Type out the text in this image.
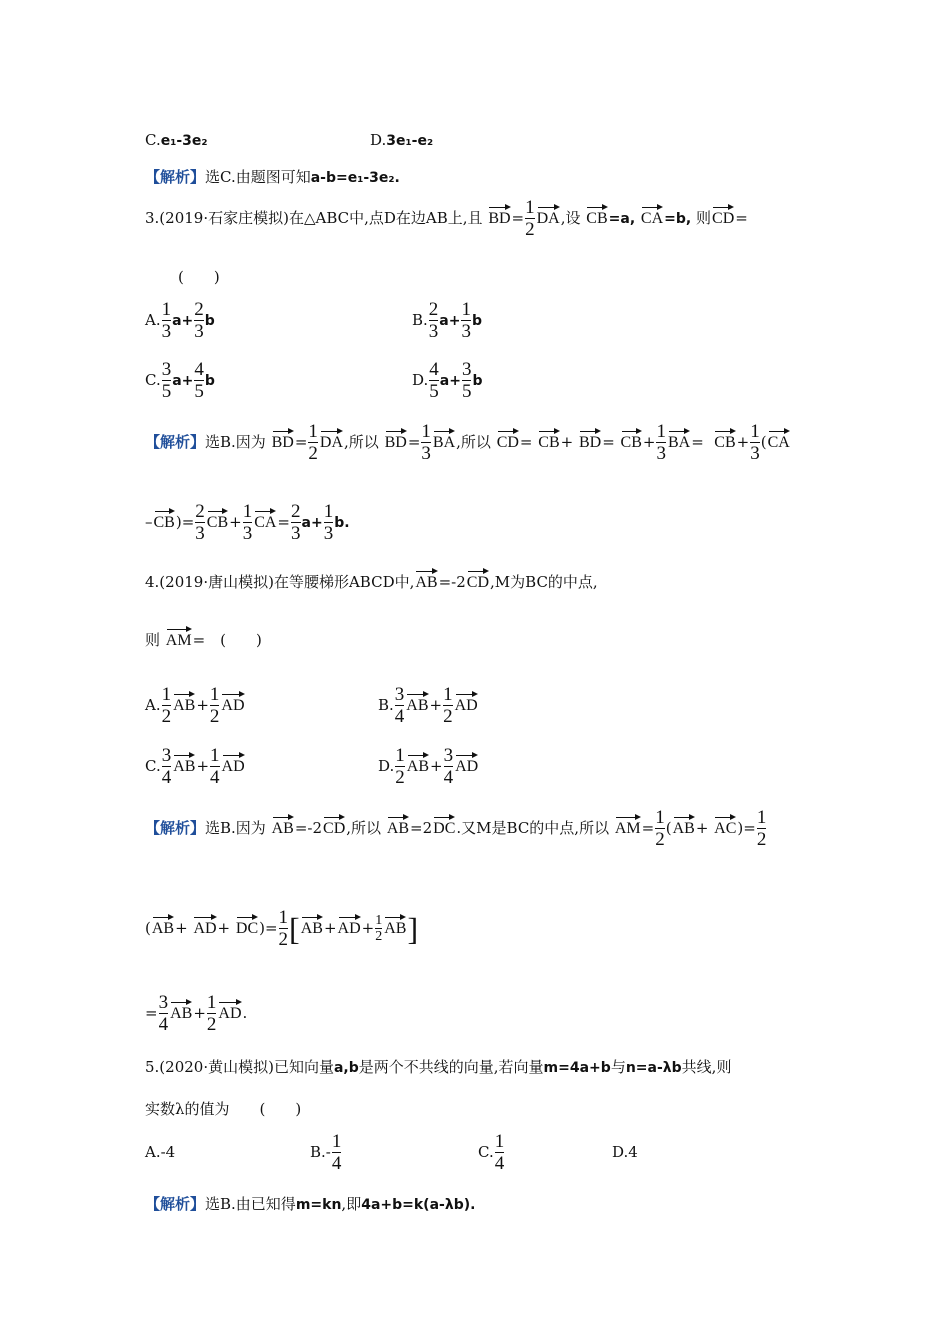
C.e₁-3e₂	D.3e₁-e₂
【解析】选C.由题图可知a-b=e₁-3e₂.
3.(2019·石家庄模拟)在△ABC中,点D在边AB上,且 $BD= \frac{1}{2}$ DA,设 CB=a, CA=b, 则CD=
(　　)
A. $\frac{1}{3} a+ \frac{2}{3}$ b	B. $\frac{2}{3} a+ \frac{1}{3}$ b
C. $\frac{3}{5} a+ \frac{4}{5}$ b	D. $\frac{4}{5} a+ \frac{3}{5}$ b
【解析】选B.因为 $BD= \frac{1}{2}$ DA,所以 $BD= \frac{1}{3}$ BA,所以 $CD= CB+ BD= CB+ \frac{1}{3} BA= CB+ \frac{1}{3} (CA$
$-CB)= \frac{2}{3} CB+ \frac{1}{3} CA= \frac{2}{3} a+ \frac{1}{3} b$.
4.(2019·唐山模拟)在等腰梯形ABCD中,AB=-2CD,M为BC的中点,
则 AM=　(　　)
A. $\frac{1}{2} AB+ \frac{1}{2}$ AD	B. $\frac{3}{4} AB+ \frac{1}{2}$ AD
C. $\frac{3}{4} AB+ \frac{1}{4}$ AD	D. $\frac{1}{2} AB+ \frac{3}{4}$ AD
【解析】选B.因为 AB=-2CD,所以 AB=2DC.又M是BC的中点,所以 $AM= \frac{1}{2} (AB+ AC)= \frac{1}{2}$
$(AB+ AD+ DC)= \frac{1}{2} [AB+AD+ \frac{1}{2} AB]$
= $\frac{3}{4} AB+ \frac{1}{2}$ AD.
5.(2020·黄山模拟)已知向量a,b是两个不共线的向量,若向量m=4a+b与n=a-λb共线,则
实数λ的值为　　(　　)
A.-4	$B.- \frac{1}{4}$	C. $\frac{1}{4}$	D.4
【解析】选B.由已知得m=kn,即4a+b=k(a-λb).
